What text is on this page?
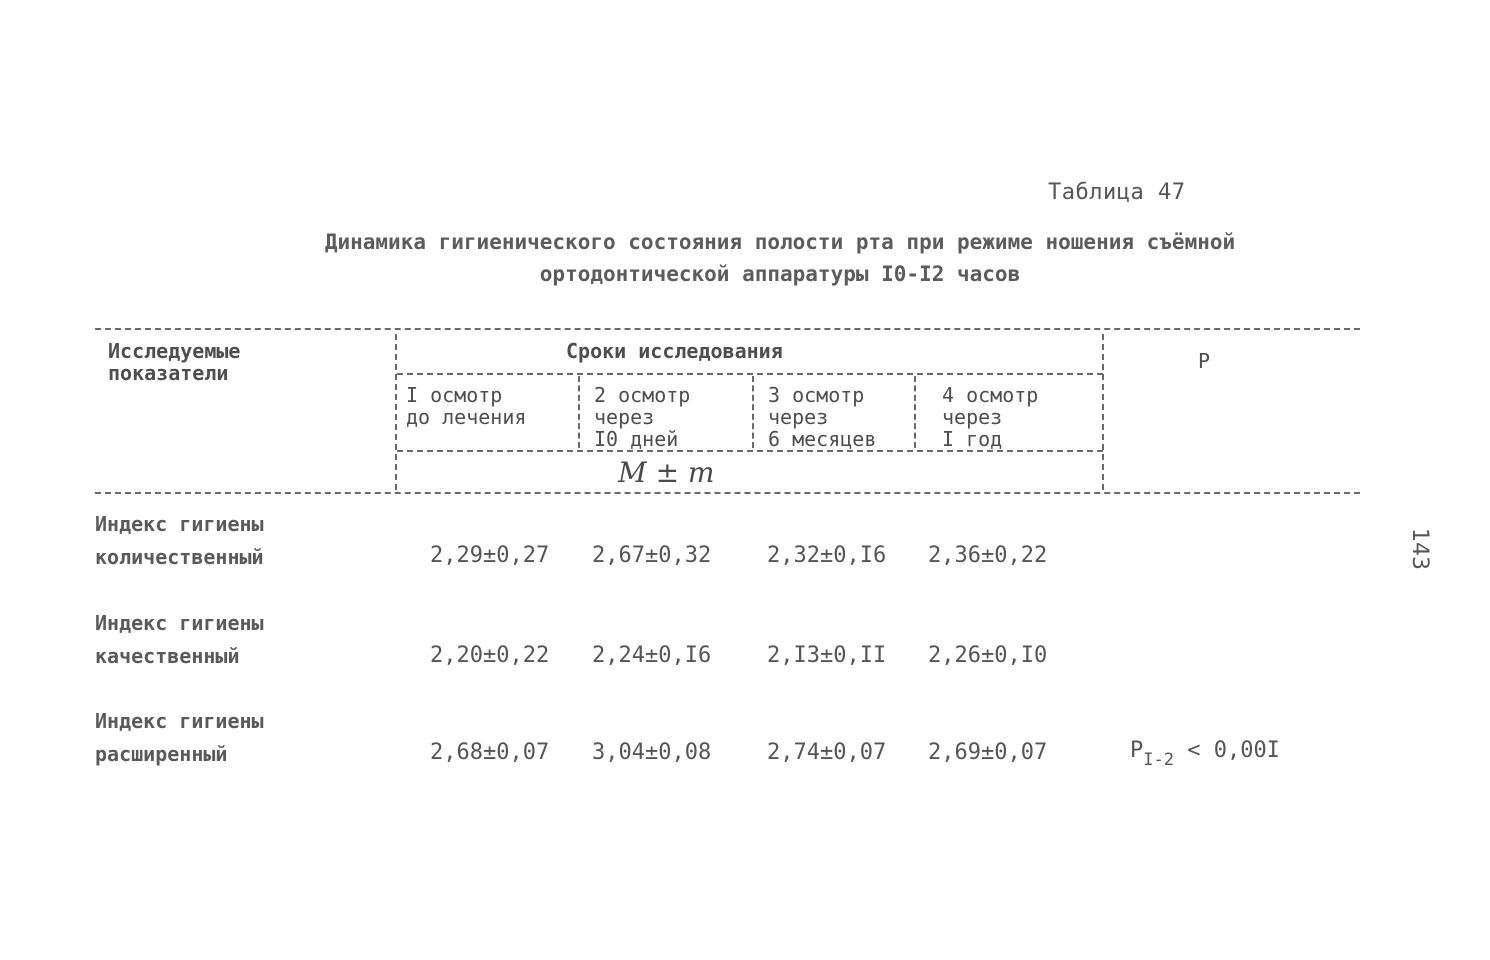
Таблица 47
Динамика гигиенического состояния полости рта при режиме ношения съёмной
ортодонтической аппаратуры I0-I2 часов
Исследуемые
показатели
Сроки исследования	P
I осмотр
до лечения
2 осмотр
через
I0 дней
3 осмотр
через
6 месяцев
4 осмотр
через
I год
M ± m
Индекс гигиены
количественный	2,29±0,27 2,67±0,32	2,32±0,I6 2,36±0,22
Индекс гигиены
качественный	2,20±0,22 2,24±0,I6	2,I3±0,II 2,26±0,I0
Индекс гигиены
расширенный	2,68±0,07 3,04±0,08	2,74±0,07 2,69±0,07	$P_{I-2} < 0,00I$
143
